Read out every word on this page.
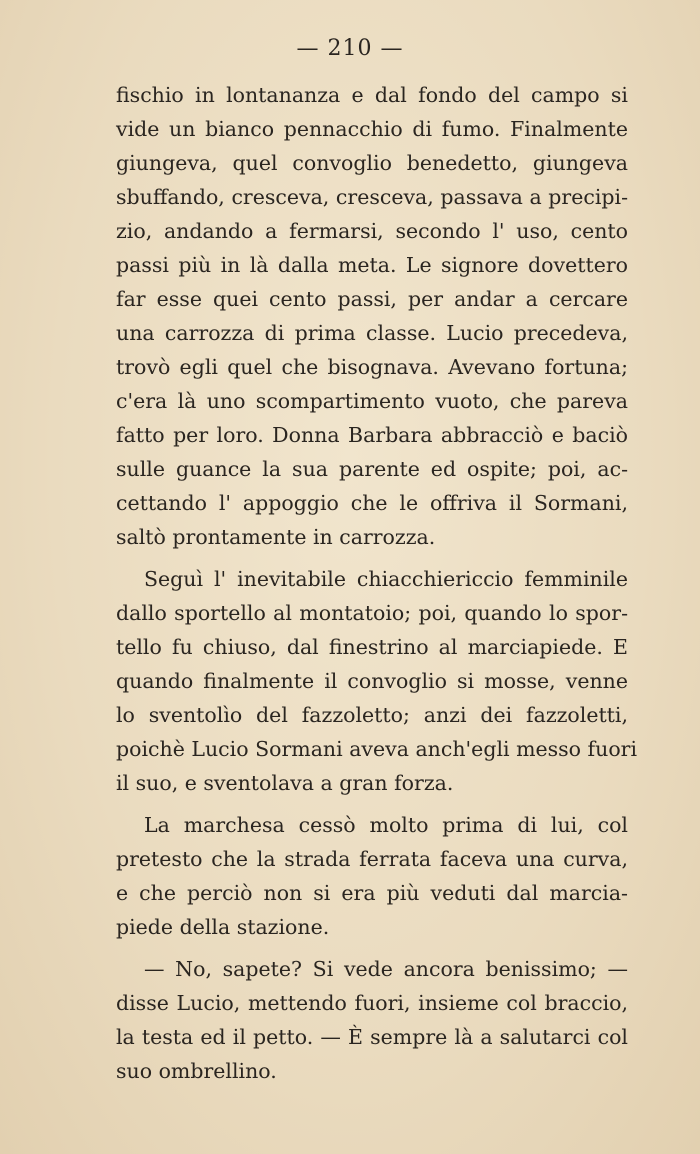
— 210 —
fischio in lontananza e dal fondo del campo si
vide un bianco pennacchio di fumo. Finalmente
giungeva, quel convoglio benedetto, giungeva
sbuffando, cresceva, cresceva, passava a precipi-
zio, andando a fermarsi, secondo l' uso, cento
passi più in là dalla meta. Le signore dovettero
far esse quei cento passi, per andar a cercare
una carrozza di prima classe. Lucio precedeva,
trovò egli quel che bisognava. Avevano fortuna;
c'era là uno scompartimento vuoto, che pareva
fatto per loro. Donna Barbara abbracciò e baciò
sulle guance la sua parente ed ospite; poi, ac-
cettando l' appoggio che le offriva il Sormani,
saltò prontamente in carrozza.
Seguì l' inevitabile chiacchiericcio femminile
dallo sportello al montatoio; poi, quando lo spor-
tello fu chiuso, dal finestrino al marciapiede. E
quando finalmente il convoglio si mosse, venne
lo sventolìo del fazzoletto; anzi dei fazzoletti,
poichè Lucio Sormani aveva anch'egli messo fuori
il suo, e sventolava a gran forza.
La marchesa cessò molto prima di lui, col
pretesto che la strada ferrata faceva una curva,
e che perciò non si era più veduti dal marcia-
piede della stazione.
— No, sapete? Si vede ancora benissimo; —
disse Lucio, mettendo fuori, insieme col braccio,
la testa ed il petto. — È sempre là a salutarci col
suo ombrellino.
